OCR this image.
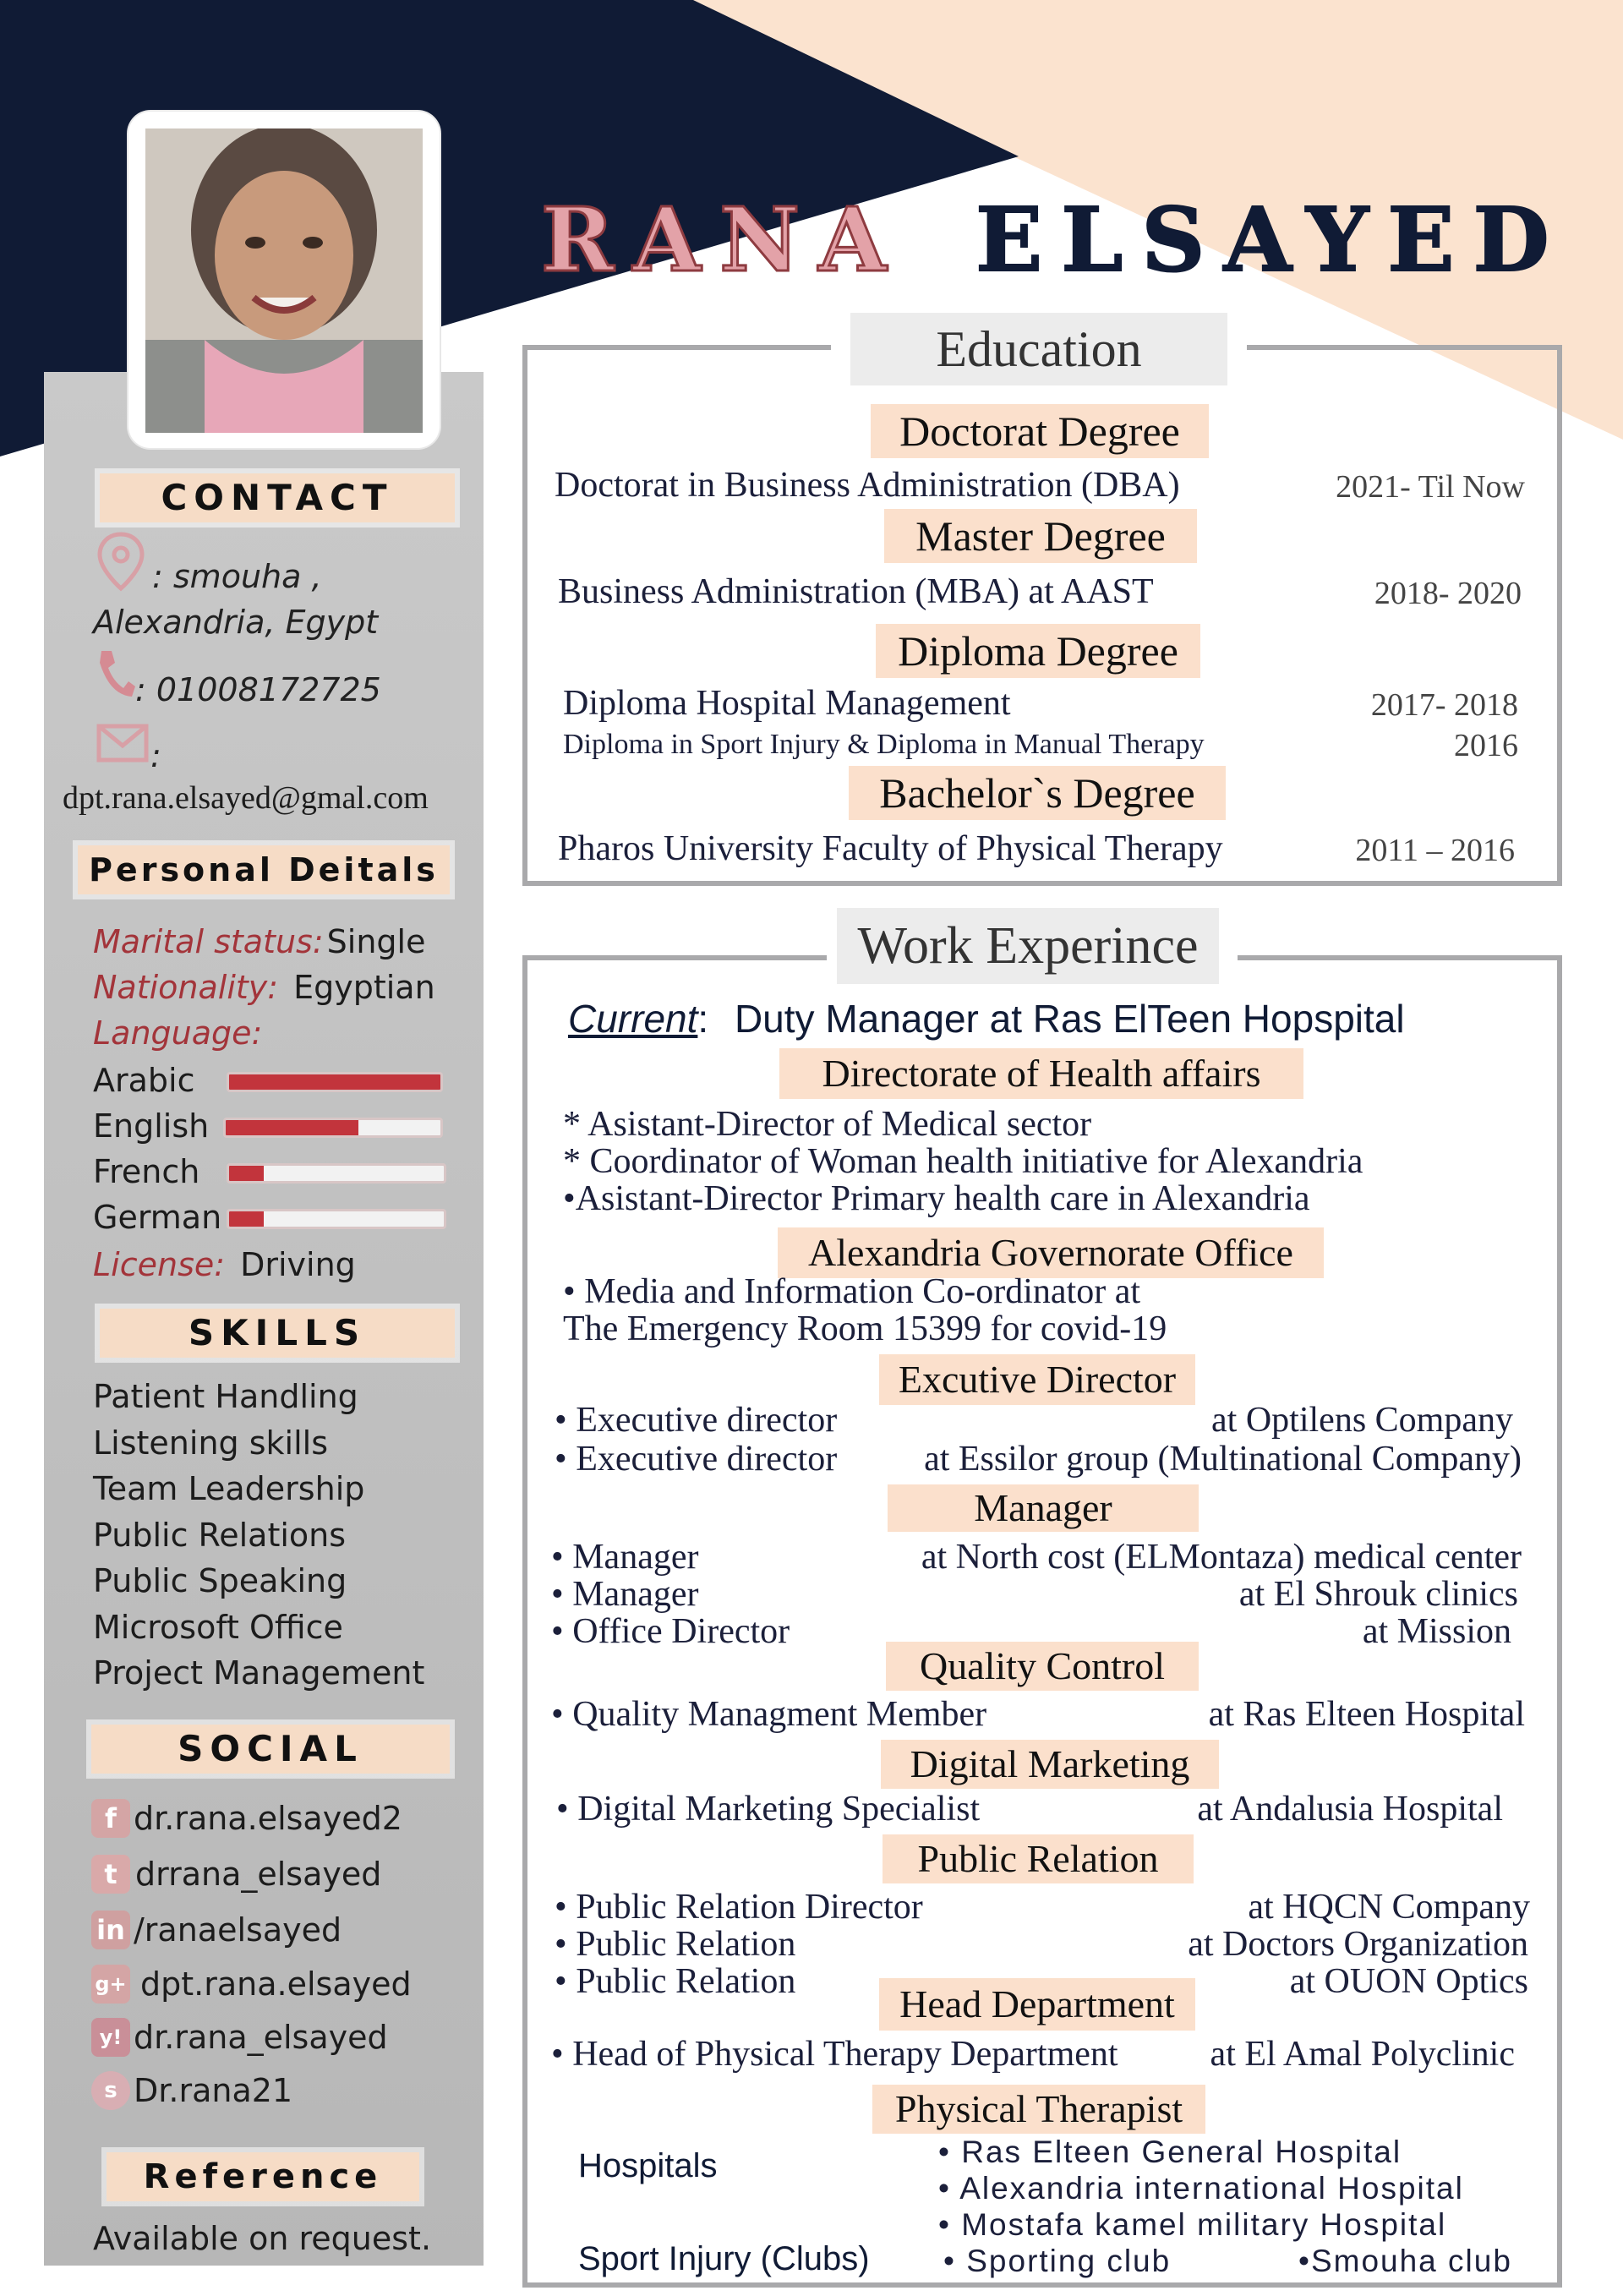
CONTACT
: smouha ,
Alexandria, Egypt
: 01008172725
:
dpt.rana.elsayed@gmal.com
Personal Deitals
Marital status: Single
Nationality: Egyptian
Language:
Arabic
English
French
German
License: Driving
SKILLS
Patient Handling
Listening skills
Team Leadership
Public Relations
Public Speaking
Microsoft Office
Project Management
SOCIAL
f dr.rana.elsayed2
t drrana_elsayed
in /ranaelsayed
g+ dpt.rana.elsayed
y! dr.rana_elsayed
s Dr.rana21
Reference
Available on request.
RANA ELSAYED
Education
Doctorat Degree
Doctorat in Business Administration (DBA)	2021- Til Now
Master Degree
Business Administration (MBA) at AAST	2018- 2020
Diploma Degree
Diploma Hospital Management	2017- 2018
Diploma in Sport Injury & Diploma in Manual Therapy	2016
Bachelor`s Degree
Pharos University Faculty of Physical Therapy	2011 – 2016
Work Experince
Current: Duty Manager at Ras ElTeen Hopspital
Directorate of Health affairs
* Asistant-Director of Medical sector
* Coordinator of Woman health initiative for Alexandria
•Asistant-Director Primary health care in Alexandria
Alexandria Governorate Office
• Media and Information Co-ordinator at
The Emergency Room 15399 for covid-19
Excutive Director
• Executive director	at Optilens Company
• Executive director at Essilor group (Multinational Company)
Manager
• Manager	at North cost (ELMontaza) medical center
• Manager	at El Shrouk clinics
• Office Director	at Mission
Quality Control
• Quality Managment Member	at Ras Elteen Hospital
Digital Marketing
• Digital Marketing Specialist	at Andalusia Hospital
Public Relation
• Public Relation Director	at HQCN Company
• Public Relation	at Doctors Organization
• Public Relation	at OUON Optics
Head Department
• Head of Physical Therapy Department	at El Amal Polyclinic
Physical Therapist
Hospitals	• Ras Elteen General Hospital
• Alexandria international Hospital
• Mostafa kamel military Hospital
Sport Injury (Clubs) • Sporting club	•Smouha club
